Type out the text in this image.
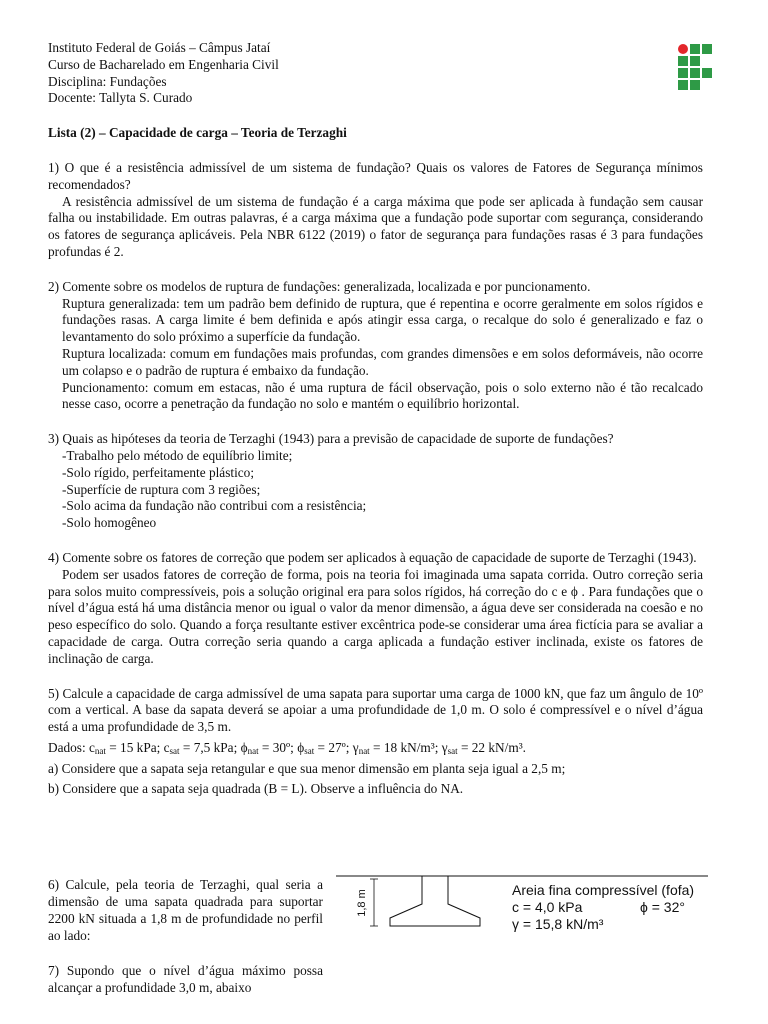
Instituto Federal de Goiás – Câmpus Jataí

Curso de Bacharelado em Engenharia Civil

Disciplina: Fundações

Docente: Tallyta S. Curado

Lista (2) – Capacidade de carga – Teoria de Terzaghi

1) O que é a resistência admissível de um sistema de fundação? Quais os valores de Fatores de Segurança mínimos recomendados?

A resistência admissível de um sistema de fundação é a carga máxima que pode ser aplicada à fundação sem causar falha ou instabilidade. Em outras palavras, é a carga máxima que a fundação pode suportar com segurança, considerando os fatores de segurança aplicáveis. Pela NBR 6122 (2019) o fator de segurança para fundações rasas é 3 para fundações profundas é 2.

2) Comente sobre os modelos de ruptura de fundações: generalizada, localizada e por puncionamento.

Ruptura generalizada: tem um padrão bem definido de ruptura, que é repentina e ocorre geralmente em solos rígidos e fundações rasas. A carga limite é bem definida e após atingir essa carga, o recalque do solo é generalizado e faz o levantamento do solo próximo a superfície da fundação.

Ruptura localizada: comum em fundações mais profundas, com grandes dimensões e em solos deformáveis, não ocorre um colapso e o padrão de ruptura é embaixo da fundação.

Puncionamento: comum em estacas, não é uma ruptura de fácil observação, pois o solo externo não é tão recalcado nesse caso, ocorre a penetração da fundação no solo e mantém o equilíbrio horizontal.

3) Quais as hipóteses da teoria de Terzaghi (1943) para a previsão de capacidade de suporte de fundações?

-Trabalho pelo método de equilíbrio limite;

-Solo rígido, perfeitamente plástico;

-Superfície de ruptura com 3 regiões;

-Solo acima da fundação não contribui com a resistência;

-Solo homogêneo

4) Comente sobre os fatores de correção que podem ser aplicados à equação de capacidade de suporte de Terzaghi (1943).

Podem ser usados fatores de correção de forma, pois na teoria foi imaginada uma sapata corrida. Outro correção seria para solos muito compressíveis, pois a solução original era para solos rígidos, há correção do c e ϕ . Para fundações que o nível d’água está há uma distância menor ou igual o valor da menor dimensão, a água deve ser considerada na coesão e no peso específico do solo. Quando a força resultante estiver excêntrica pode-se considerar uma área fictícia para se avaliar a capacidade de carga. Outra correção seria quando a carga aplicada a fundação estiver inclinada, existe os fatores de inclinação de carga.

5) Calcule a capacidade de carga admissível de uma sapata para suportar uma carga de 1000 kN, que faz um ângulo de 10º com a vertical. A base da sapata deverá se apoiar a uma profundidade de 1,0 m. O solo é compressível e o nível d’água está a uma profundidade de 3,5 m.

Dados: $c_{nat} = 15$ kPa; $c_{sat} = 7,5$ kPa; $\phi_{nat}$ = 30º; $\phi_{sat}$ = 27º; $\gamma_{nat} = 18$ kN/m³; $\gamma_{sat} = 22$ kN/m³.

a) Considere que a sapata seja retangular e que sua menor dimensão em planta seja igual a 2,5 m;

b) Considere que a sapata seja quadrada (B = L). Observe a influência do NA.

6) Calcule, pela teoria de Terzaghi, qual seria a dimensão de uma sapata quadrada para suportar 2200 kN situada a 1,8 m de profundidade no perfil ao lado:

7) Supondo que o nível d’água máximo possa alcançar a profundidade 3,0 m, abaixo

1,8 m	Areia fina compressível (fofa)

c = 4,0 kPa	ϕ = 32°

γ = 15,8 kN/m³
